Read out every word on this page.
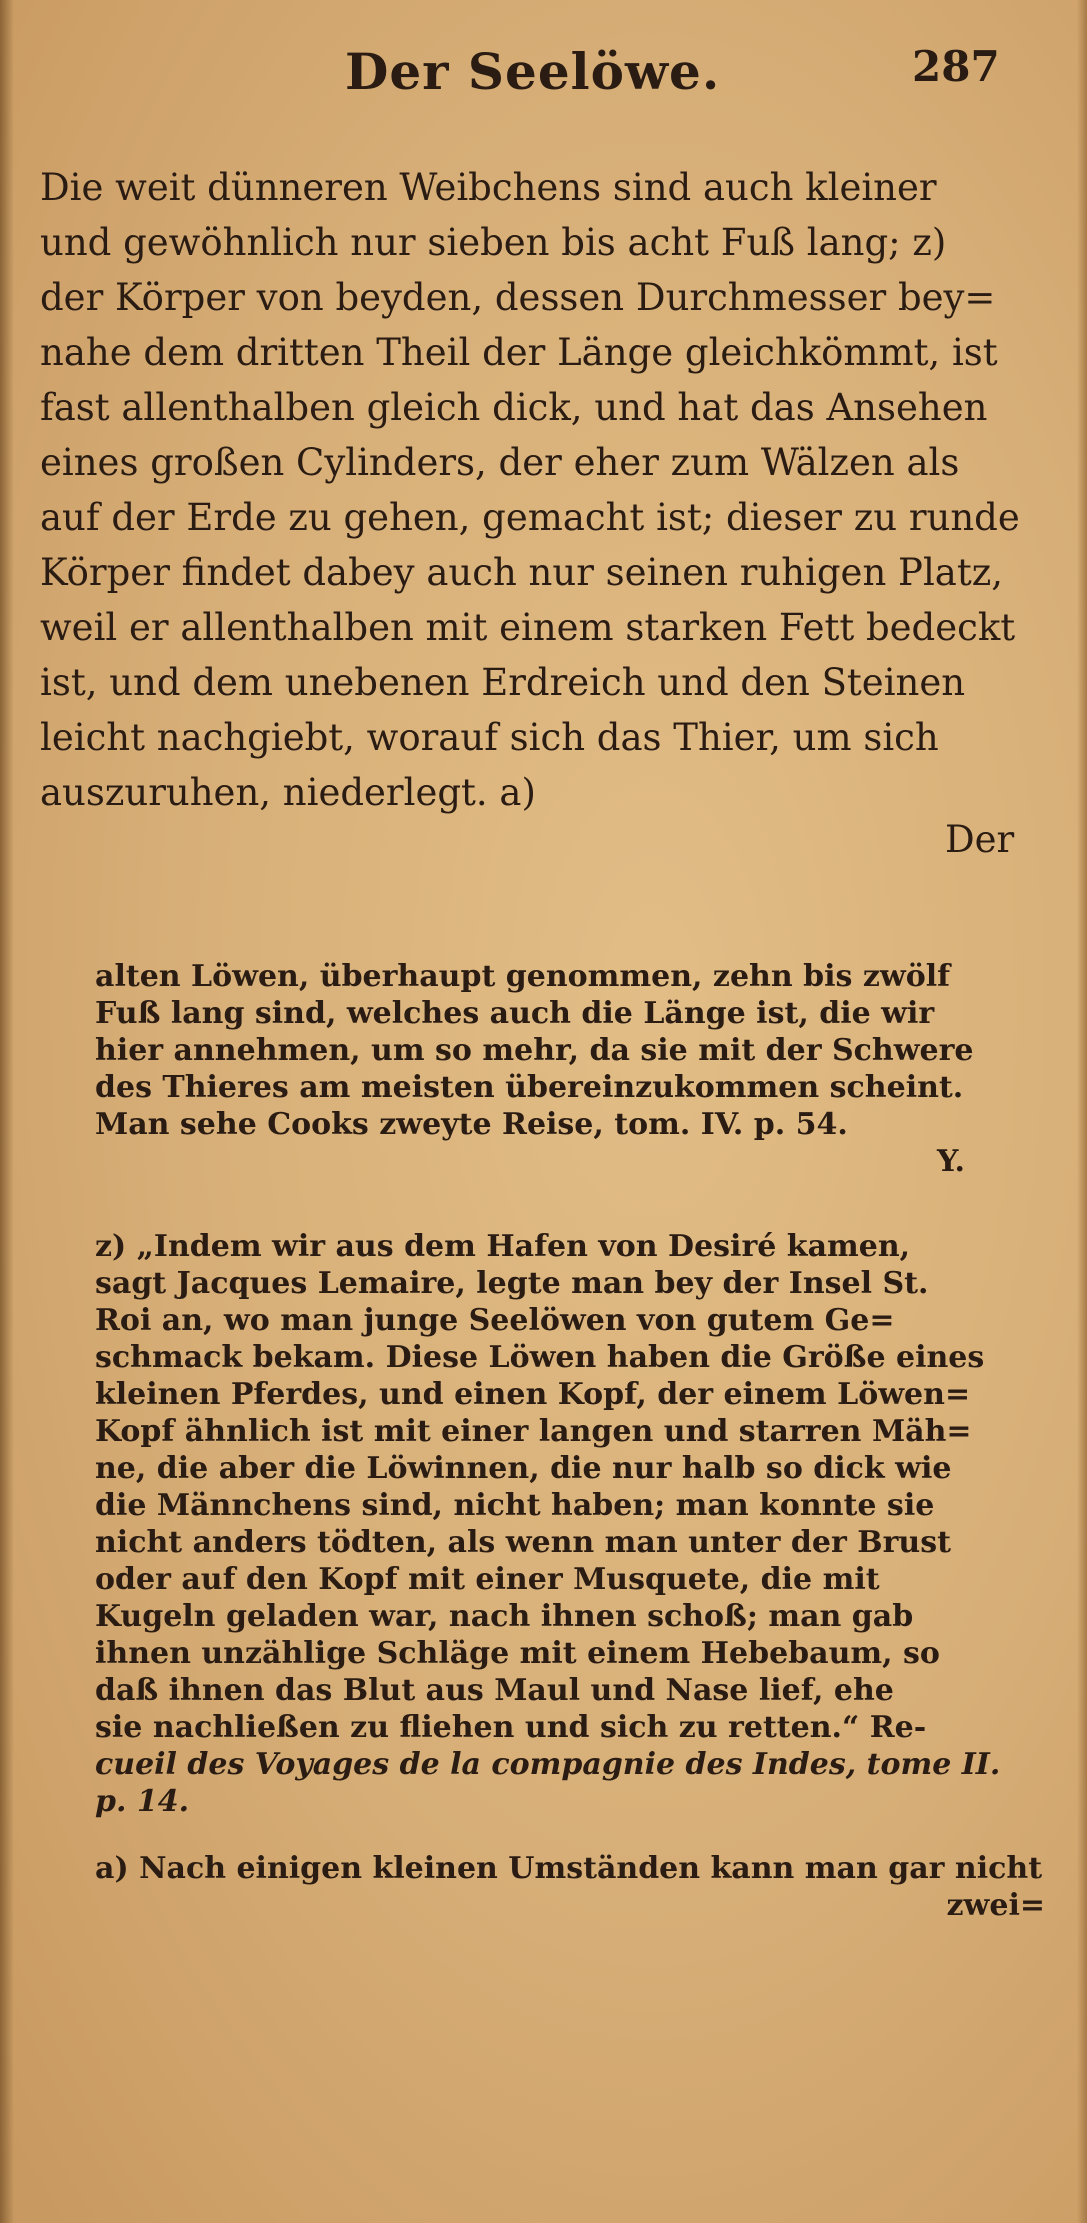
Der Seelöwe.	287
Die weit dünneren Weibchens sind auch kleiner
und gewöhnlich nur sieben bis acht Fuß lang; z)
der Körper von beyden, dessen Durchmesser bey=
nahe dem dritten Theil der Länge gleichkömmt, ist
fast allenthalben gleich dick, und hat das Ansehen
eines großen Cylinders, der eher zum Wälzen als
auf der Erde zu gehen, gemacht ist; dieser zu runde
Körper findet dabey auch nur seinen ruhigen Platz,
weil er allenthalben mit einem starken Fett bedeckt
ist, und dem unebenen Erdreich und den Steinen
leicht nachgiebt, worauf sich das Thier, um sich
auszuruhen, niederlegt. a)
Der
alten Löwen, überhaupt genommen, zehn bis zwölf
Fuß lang sind, welches auch die Länge ist, die wir
hier annehmen, um so mehr, da sie mit der Schwere
des Thieres am meisten übereinzukommen scheint.
Man sehe Cooks zweyte Reise, tom. IV. p. 54.
Y.
z) „Indem wir aus dem Hafen von Desiré kamen,
sagt Jacques Lemaire, legte man bey der Insel St.
Roi an, wo man junge Seelöwen von gutem Ge=
schmack bekam. Diese Löwen haben die Größe eines
kleinen Pferdes, und einen Kopf, der einem Löwen=
Kopf ähnlich ist mit einer langen und starren Mäh=
ne, die aber die Löwinnen, die nur halb so dick wie
die Männchens sind, nicht haben; man konnte sie
nicht anders tödten, als wenn man unter der Brust
oder auf den Kopf mit einer Musquete, die mit
Kugeln geladen war, nach ihnen schoß; man gab
ihnen unzählige Schläge mit einem Hebebaum, so
daß ihnen das Blut aus Maul und Nase lief, ehe
sie nachließen zu fliehen und sich zu retten.“ Re-
cueil des Voyages de la compagnie des Indes, tome II.
p. 14.
a) Nach einigen kleinen Umständen kann man gar nicht
zwei=
